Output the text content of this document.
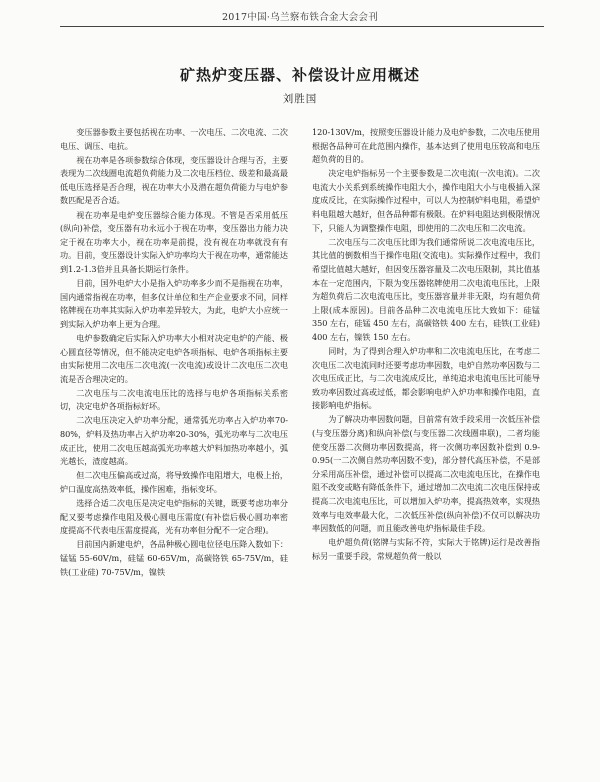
2017中国·乌兰察布铁合金大会会刊
矿热炉变压器、补偿设计应用概述
刘胜国

变压器参数主要包括视在功率、一次电压、二次电流、二次电压、调压、电抗。

视在功率是各项参数综合体现，变压器设计合理与否，主要表现为二次线圈电流超负荷能力及二次电压档位、级差和最高最低电压选择是否合理，视在功率大小及潜在超负荷能力与电炉参数匹配是否合适。

视在功率是电炉变压器综合能力体现。不管是否采用低压(纵向)补偿，变压器有功永远小于视在功率，变压器出力能力决定于视在功率大小，视在功率是前提，没有视在功率就没有有功。目前，变压器设计实际入炉功率均大于视在功率，通常能达到1.2-1.3倍并且具备长期运行条件。

目前，国外电炉大小是指入炉功率多少而不是指视在功率，国内通常指视在功率，但多仅计单位和生产企业要求不同，同样铭牌视在功率其实际入炉功率差异较大，为此，电炉大小应统一到实际入炉功率上更为合理。

电炉参数确定后实际入炉功率大小相对决定电炉的产能、极心圆直径等情况，但不能决定电炉各项指标、电炉各项指标主要由实际使用二次电压二次电流(一次电流)或设计二次电压二次电流是否合理决定的。

二次电压与二次电流电压比的选择与电炉各项指标关系密切，决定电炉各项指标好坏。

二次电压决定入炉功率分配，通常弧光功率占入炉功率70-80%，炉料及热功率占入炉功率20-30%，弧光功率与二次电压成正比，使用二次电压越高弧光功率越大炉料加热功率越小，弧光越长，渣度越高。

但二次电压偏高或过高，将导致操作电阻增大，电极上抬，炉口温度高热效率低，操作困难，指标变坏。

选择合适二次电压是决定电炉指标的关键，既要考虑功率分配又要考虑操作电阻及极心圆电压需度(有补偿后极心圆功率密度提高不代表电压需度提高，光有功率但分配不一定合理)。

目前国内新建电炉，各品种极心圆电位径电压降入数如下：锰锰 55-60V/m，硅锰 60-65V/m，高碳铬铁 65-75V/m，硅铁(工业硅) 70-75V/m，镍铁

120-130V/m，按照变压器设计能力及电炉参数，二次电压使用根据各品种可在此范围内操作，基本达到了使用电压较高和电压超负荷的目的。

决定电炉指标另一个主要参数是二次电流(一次电流)。二次电流大小关系到系统操作电阻大小，操作电阻大小与电极插入深度成反比，在实际操作过程中，可以人为控制炉料电阻，希望炉料电阻越大越好，但各品种都有极限。在炉料电阻达到极限情况下，只能人为调整操作电阻，即使用的二次电压和二次电流。

二次电压与二次电压比即为我们通常所说二次电流电压比，其比值的倒数相当于操作电阻(交流电)。实际操作过程中，我们希望比值越大越好，但因变压器容量及二次电压限制，其比值基本在一定范围内，下限为变压器铭牌使用二次电流电压比，上限为超负荷后二次电流电压比，变压器容量并非无限，均有超负荷上限(成本原因)。目前各品种二次电流电压比大致如下：硅锰 350 左右，硅锰 450 左右，高碳铬铁 400 左右，硅铁(工业硅) 400 左右，镍铁 150 左右。

同时，为了得到合理入炉功率和二次电流电压比，在考虑二次电压二次电流同时还要考虑功率因数，电炉自然功率因数与二次电压成正比，与二次电流成反比，单纯追求电流电压比可能导致功率因数过高或过低，都会影响电炉入炉功率和操作电阻，直接影响电炉指标。

为了解决功率因数问题，目前常有效手段采用一次低压补偿(与变压器分离)和纵向补偿(与变压器二次线圈串联)，二者均能使变压器二次侧功率因数提高，将一次侧功率因数补偿到 0.9-0.95(一二次侧自然功率因数不变)，部分替代高压补偿，不是部分采用高压补偿，通过补偿可以提高二次电流电压比，在操作电阻不改变或略有降低条件下，通过增加二次电流二次电压保持或提高二次电流电压比，可以增加入炉功率，提高热效率，实现热效率与电效率最大化，二次低压补偿(纵向补偿)不仅可以解决功率因数低的问题，而且能改善电炉指标最佳手段。

电炉超负荷(铭牌与实际不符，实际大于铭牌)运行是改善指标另一重要手段，常规超负荷一般以
